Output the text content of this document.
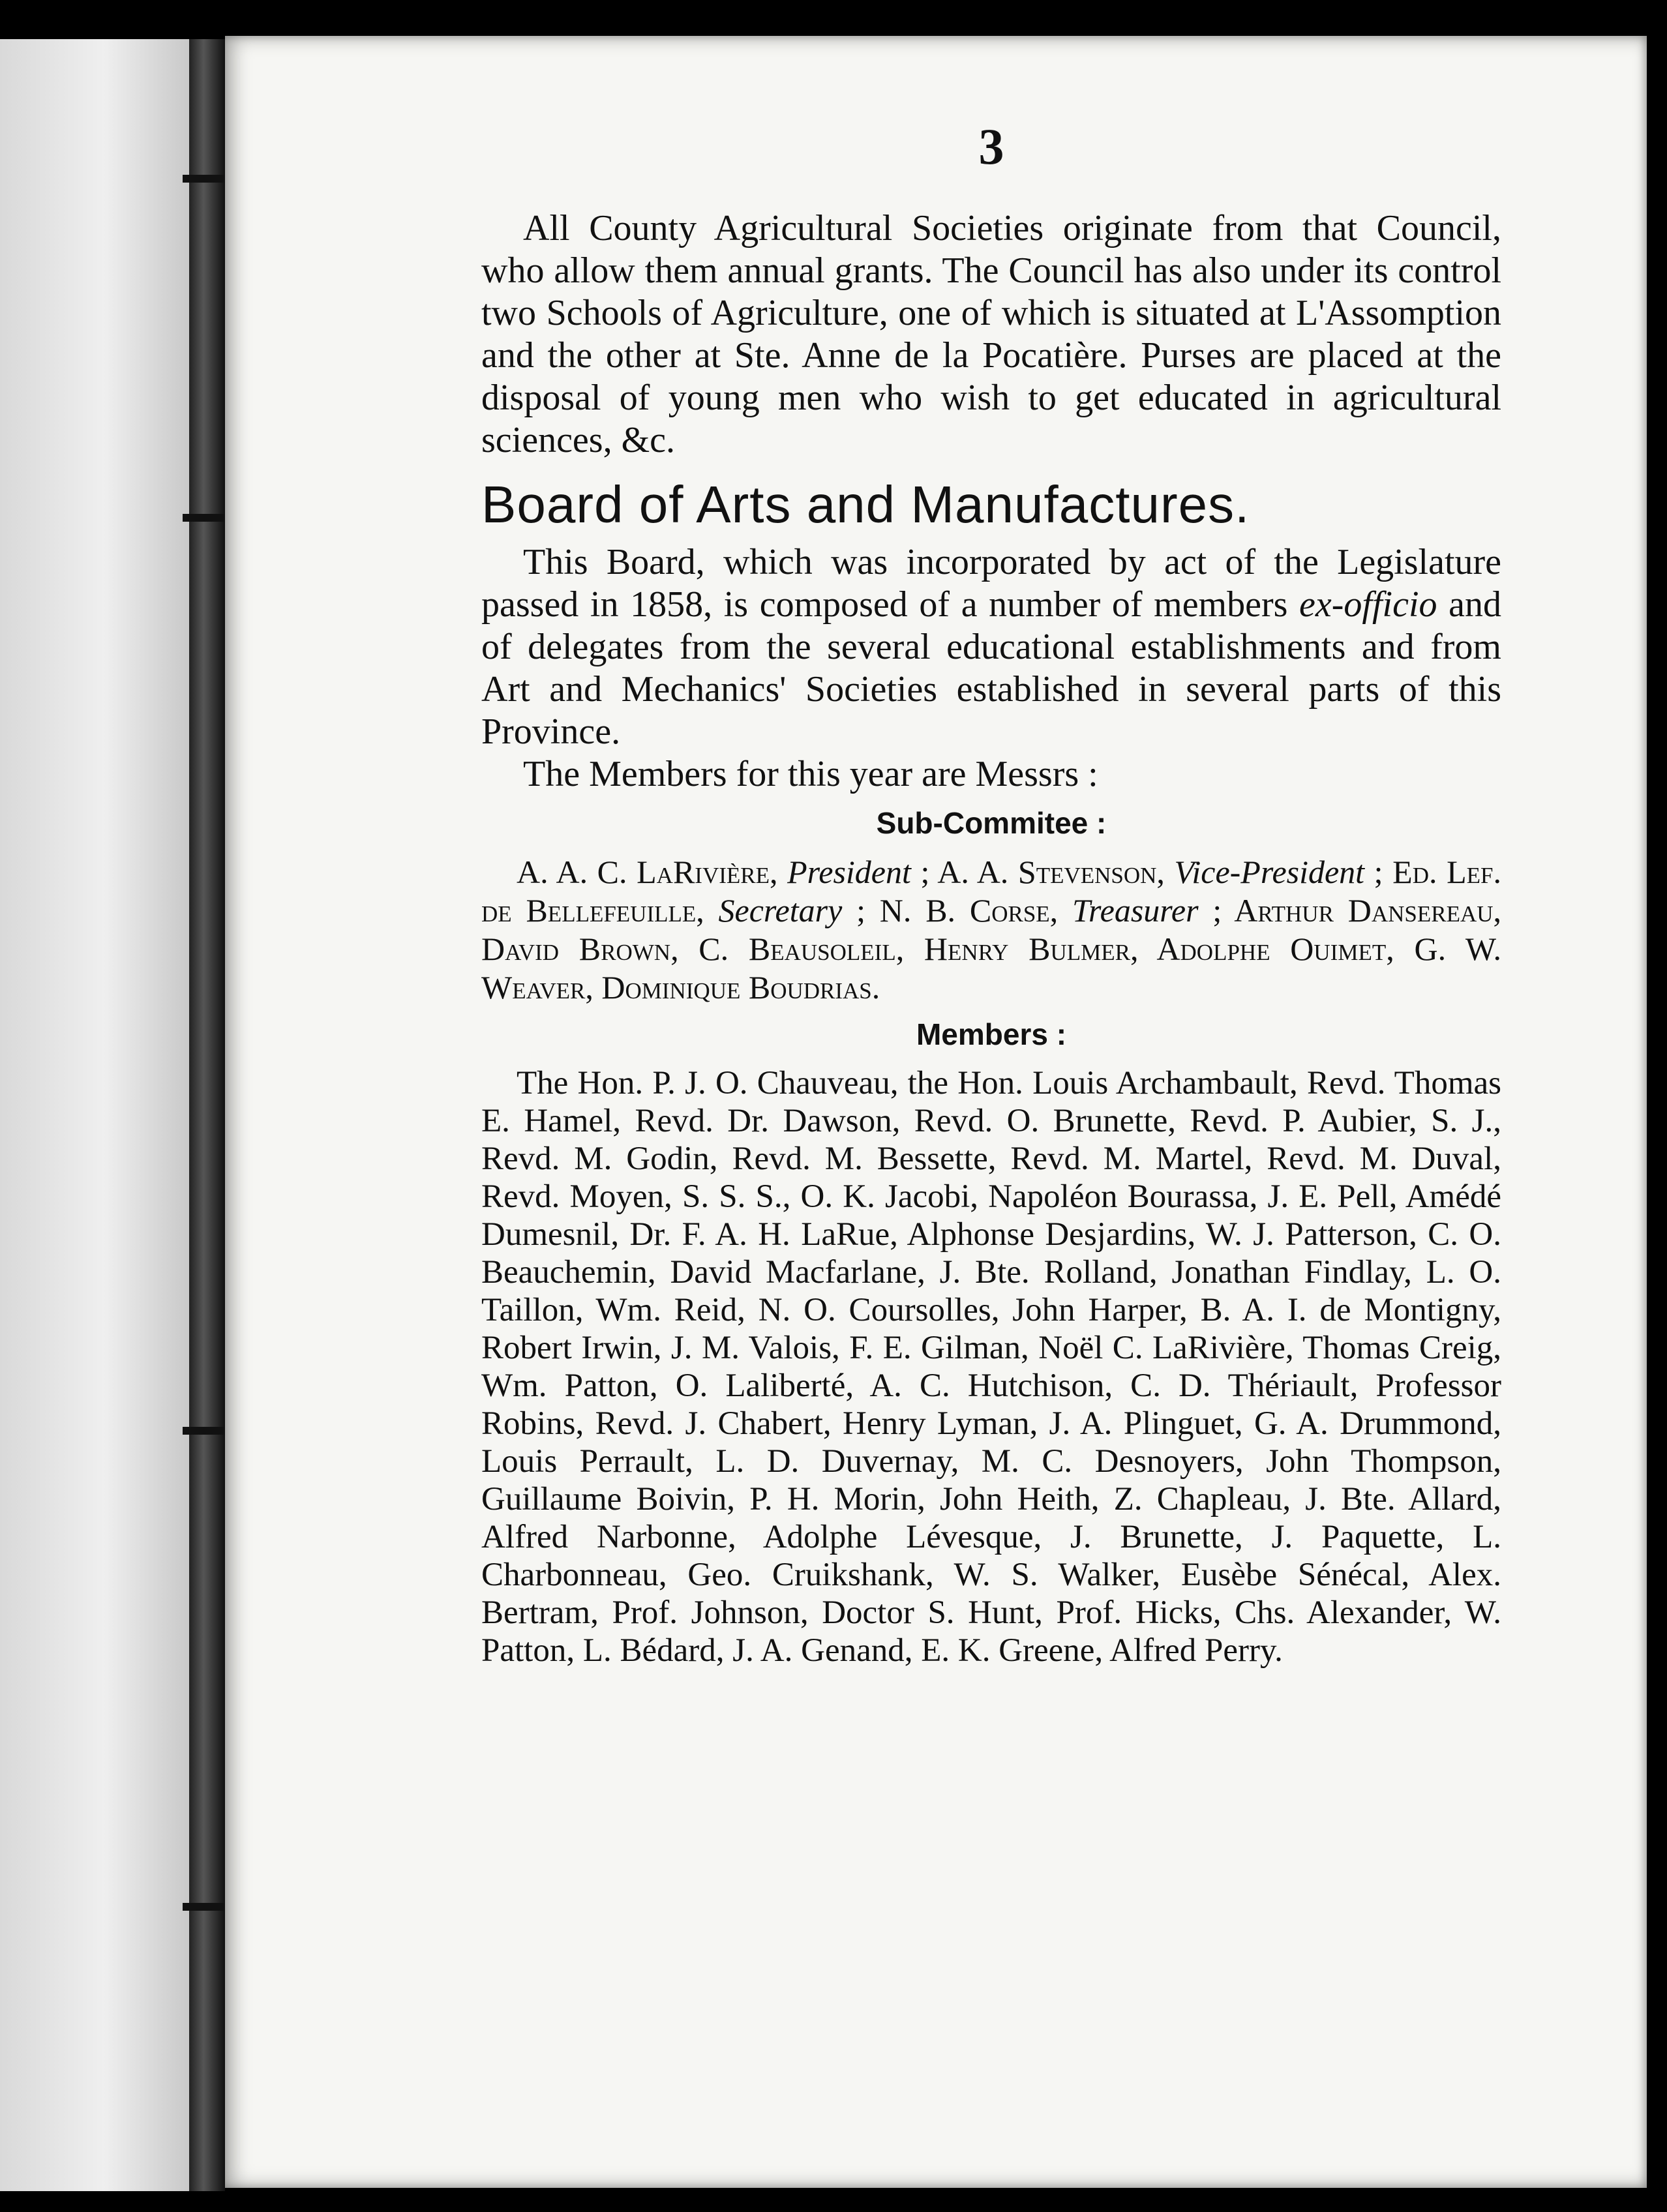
3

All County Agricultural Societies originate from that Council, who allow them annual grants. The Council has also under its control two Schools of Agriculture, one of which is situated at L'Assomption and the other at Ste. Anne de la Pocatière. Purses are placed at the disposal of young men who wish to get educated in agricultural sciences, &c.

Board of Arts and Manufactures.

This Board, which was incorporated by act of the Legislature passed in 1858, is composed of a number of members ex-officio and of delegates from the several educational establishments and from Art and Mechanics' Societies established in several parts of this Province.

The Members for this year are Messrs :

Sub-Commitee :

A. A. C. LaRivière, President ; A. A. Stevenson, Vice-President ; Ed. Lef. de Bellefeuille, Secretary ; N. B. Corse, Treasurer ; Arthur Dansereau, David Brown, C. Beausoleil, Henry Bulmer, Adolphe Ouimet, G. W. Weaver, Dominique Boudrias.

Members :

The Hon. P. J. O. Chauveau, the Hon. Louis Archambault, Revd. Thomas E. Hamel, Revd. Dr. Dawson, Revd. O. Brunette, Revd. P. Aubier, S. J., Revd. M. Godin, Revd. M. Bessette, Revd. M. Martel, Revd. M. Duval, Revd. Moyen, S. S. S., O. K. Jacobi, Napoléon Bourassa, J. E. Pell, Amédé Dumesnil, Dr. F. A. H. LaRue, Alphonse Desjardins, W. J. Patterson, C. O. Beauchemin, David Macfarlane, J. Bte. Rolland, Jonathan Findlay, L. O. Taillon, Wm. Reid, N. O. Coursolles, John Harper, B. A. I. de Montigny, Robert Irwin, J. M. Valois, F. E. Gilman, Noël C. LaRivière, Thomas Creig, Wm. Patton, O. Laliberté, A. C. Hutchison, C. D. Thériault, Professor Robins, Revd. J. Chabert, Henry Lyman, J. A. Plinguet, G. A. Drummond, Louis Perrault, L. D. Duvernay, M. C. Desnoyers, John Thompson, Guillaume Boivin, P. H. Morin, John Heith, Z. Chapleau, J. Bte. Allard, Alfred Narbonne, Adolphe Lévesque, J. Brunette, J. Paquette, L. Charbonneau, Geo. Cruikshank, W. S. Walker, Eusèbe Sénécal, Alex. Bertram, Prof. Johnson, Doctor S. Hunt, Prof. Hicks, Chs. Alexander, W. Patton, L. Bédard, J. A. Genand, E. K. Greene, Alfred Perry.
